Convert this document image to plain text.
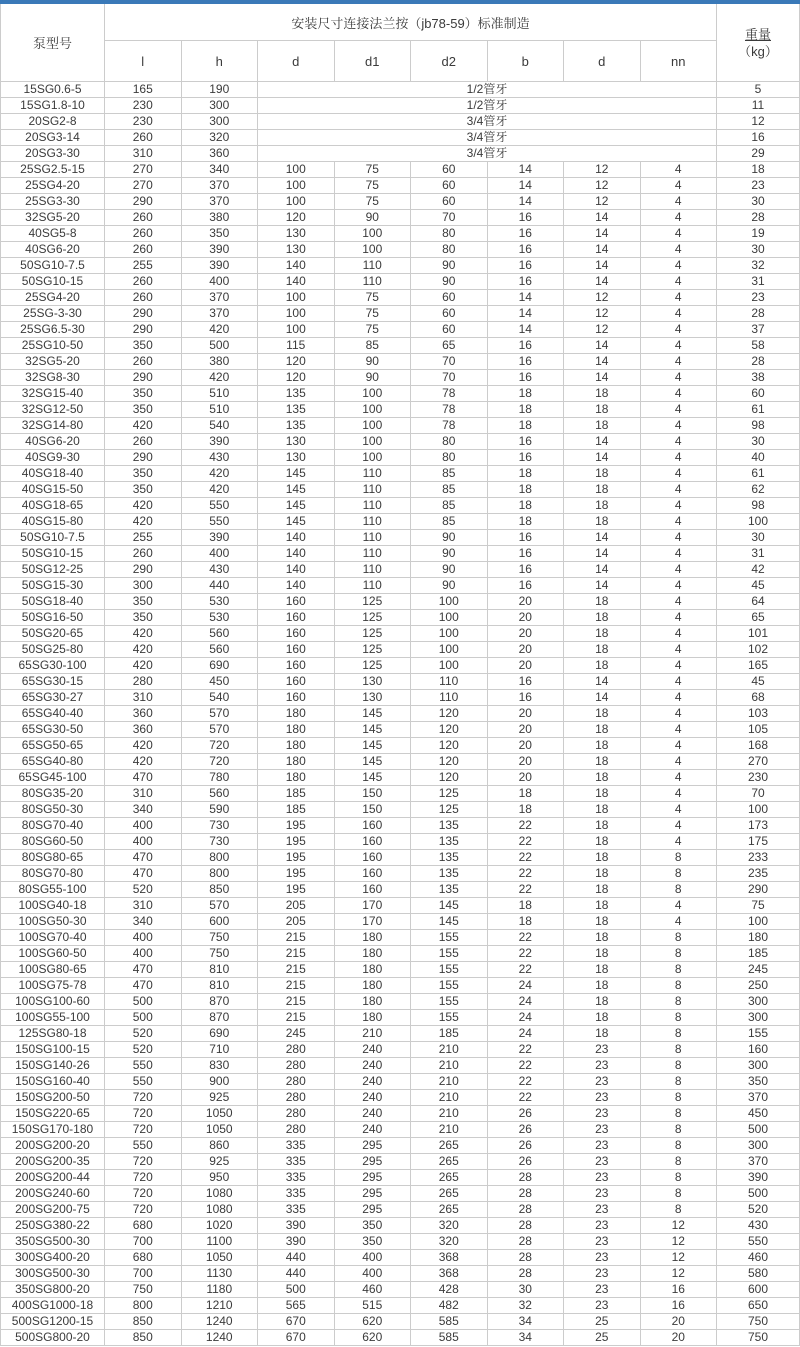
泵型号	安装尺寸连接法兰按（jb78-59）标准制造								重量
（kg）

	l	h	d	d1	d2	b	d	nn	
15SG0.6-5	165	190	1/2管牙						5
15SG1.8-10	230	300	1/2管牙						11
20SG2-8	230	300	3/4管牙						12
20SG3-14	260	320	3/4管牙						16
20SG3-30	310	360	3/4管牙						29
25SG2.5-15	270	340	100	75	60	14	12	4	18
25SG4-20	270	370	100	75	60	14	12	4	23
25SG3-30	290	370	100	75	60	14	12	4	30
32SG5-20	260	380	120	90	70	16	14	4	28
40SG5-8	260	350	130	100	80	16	14	4	19
40SG6-20	260	390	130	100	80	16	14	4	30
50SG10-7.5	255	390	140	110	90	16	14	4	32
50SG10-15	260	400	140	110	90	16	14	4	31
25SG4-20	260	370	100	75	60	14	12	4	23
25SG-3-30	290	370	100	75	60	14	12	4	28
25SG6.5-30	290	420	100	75	60	14	12	4	37
25SG10-50	350	500	115	85	65	16	14	4	58
32SG5-20	260	380	120	90	70	16	14	4	28
32SG8-30	290	420	120	90	70	16	14	4	38
32SG15-40	350	510	135	100	78	18	18	4	60
32SG12-50	350	510	135	100	78	18	18	4	61
32SG14-80	420	540	135	100	78	18	18	4	98
40SG6-20	260	390	130	100	80	16	14	4	30
40SG9-30	290	430	130	100	80	16	14	4	40
40SG18-40	350	420	145	110	85	18	18	4	61
40SG15-50	350	420	145	110	85	18	18	4	62
40SG18-65	420	550	145	110	85	18	18	4	98
40SG15-80	420	550	145	110	85	18	18	4	100
50SG10-7.5	255	390	140	110	90	16	14	4	30
50SG10-15	260	400	140	110	90	16	14	4	31
50SG12-25	290	430	140	110	90	16	14	4	42
50SG15-30	300	440	140	110	90	16	14	4	45
50SG18-40	350	530	160	125	100	20	18	4	64
50SG16-50	350	530	160	125	100	20	18	4	65
50SG20-65	420	560	160	125	100	20	18	4	101
50SG25-80	420	560	160	125	100	20	18	4	102
65SG30-100	420	690	160	125	100	20	18	4	165
65SG30-15	280	450	160	130	110	16	14	4	45
65SG30-27	310	540	160	130	110	16	14	4	68
65SG40-40	360	570	180	145	120	20	18	4	103
65SG30-50	360	570	180	145	120	20	18	4	105
65SG50-65	420	720	180	145	120	20	18	4	168
65SG40-80	420	720	180	145	120	20	18	4	270
65SG45-100	470	780	180	145	120	20	18	4	230
80SG35-20	310	560	185	150	125	18	18	4	70
80SG50-30	340	590	185	150	125	18	18	4	100
80SG70-40	400	730	195	160	135	22	18	4	173
80SG60-50	400	730	195	160	135	22	18	4	175
80SG80-65	470	800	195	160	135	22	18	8	233
80SG70-80	470	800	195	160	135	22	18	8	235
80SG55-100	520	850	195	160	135	22	18	8	290
100SG40-18	310	570	205	170	145	18	18	4	75
100SG50-30	340	600	205	170	145	18	18	4	100
100SG70-40	400	750	215	180	155	22	18	8	180
100SG60-50	400	750	215	180	155	22	18	8	185
100SG80-65	470	810	215	180	155	22	18	8	245
100SG75-78	470	810	215	180	155	24	18	8	250
100SG100-60	500	870	215	180	155	24	18	8	300
100SG55-100	500	870	215	180	155	24	18	8	300
125SG80-18	520	690	245	210	185	24	18	8	155
150SG100-15	520	710	280	240	210	22	23	8	160
150SG140-26	550	830	280	240	210	22	23	8	300
150SG160-40	550	900	280	240	210	22	23	8	350
150SG200-50	720	925	280	240	210	22	23	8	370
150SG220-65	720	1050	280	240	210	26	23	8	450
150SG170-180	720	1050	280	240	210	26	23	8	500
200SG200-20	550	860	335	295	265	26	23	8	300
200SG200-35	720	925	335	295	265	26	23	8	370
200SG200-44	720	950	335	295	265	28	23	8	390
200SG240-60	720	1080	335	295	265	28	23	8	500
200SG200-75	720	1080	335	295	265	28	23	8	520
250SG380-22	680	1020	390	350	320	28	23	12	430
350SG500-30	700	1100	390	350	320	28	23	12	550
300SG400-20	680	1050	440	400	368	28	23	12	460
300SG500-30	700	1130	440	400	368	28	23	12	580
350SG800-20	750	1180	500	460	428	30	23	16	600
400SG1000-18	800	1210	565	515	482	32	23	16	650
500SG1200-15	850	1240	670	620	585	34	25	20	750
500SG800-20	850	1240	670	620	585	34	25	20	750
